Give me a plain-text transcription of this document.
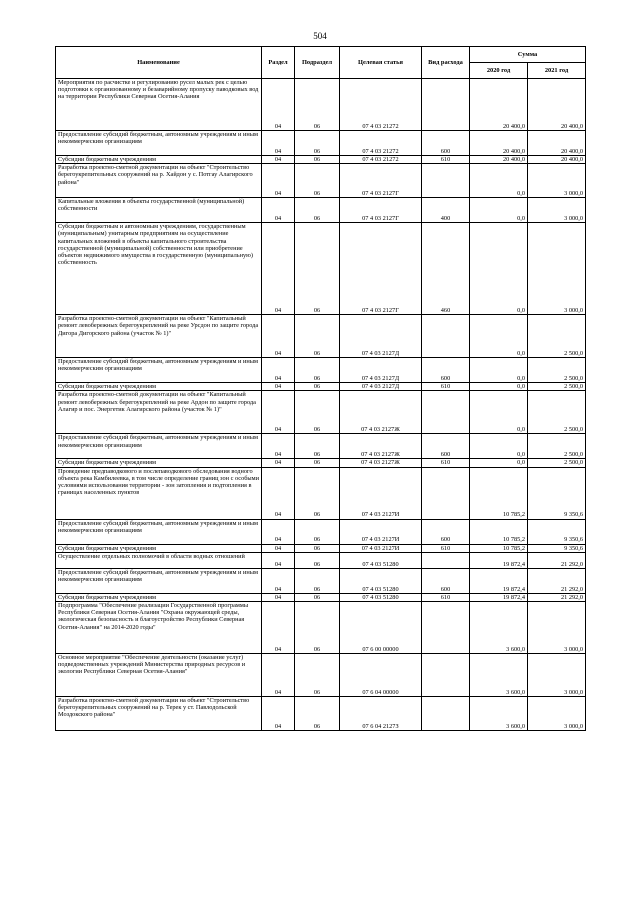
504
Наименование	Раздел	Подраздел	Целевая статья	Вид расхода	Сумма	
					2020 год	2021 год
Мероприятия по расчистке и регулированию русел малых рек с целью подготовки к организованному и безаварийному пропуску паводковых вод на территории Республики Северная Осетия-Алания	04	06	07 4 03 21272		20 400,0	20 400,0
Предоставление субсидий бюджетным, автономным учреждениям и иным некоммерческим организациям	04	06	07 4 03 21272	600	20 400,0	20 400,0
Субсидии бюджетным учреждениям	04	06	07 4 03 21272	610	20 400,0	20 400,0
Разработка проектно-сметной документации на объект "Строительство берегоукрепительных сооружений на р. Хайдон у с. Потгау Алагирского района"	04	06	07 4 03 2127Г		0,0	3 000,0
Капитальные вложения в объекты государственной (муниципальной) собственности	04	06	07 4 03 2127Г	400	0,0	3 000,0
Субсидии бюджетным и автономным учреждениям, государственным (муниципальным) унитарным предприятиям на осуществление капитальных вложений в объекты капитального строительства государственной (муниципальной) собственности или приобретение объектов недвижимого имущества в государственную (муниципальную) собственность	04	06	07 4 03 2127Г	460	0,0	3 000,0
Разработка проектно-сметной документации на объект "Капитальный ремонт левобережных берегоукреплений на реке Урсдон по защите города Дигора Дигорского района (участок № 1)"	04	06	07 4 03 2127Д		0,0	2 500,0
Предоставление субсидий бюджетным, автономным учреждениям и иным некоммерческим организациям	04	06	07 4 03 2127Д	600	0,0	2 500,0
Субсидии бюджетным учреждениям	04	06	07 4 03 2127Д	610	0,0	2 500,0
Разработка проектно-сметной документации на объект "Капитальный ремонт левобережных берегоукреплений на реке Ардон по защите города Алагир и пос. Энергетик Алагирского района (участок № 1)"	04	06	07 4 03 2127Ж		0,0	2 500,0
Предоставление субсидий бюджетным, автономным учреждениям и иным некоммерческим организациям	04	06	07 4 03 2127Ж	600	0,0	2 500,0
Субсидии бюджетным учреждениям	04	06	07 4 03 2127Ж	610	0,0	2 500,0
Проведение предпаводкового и послепаводкового обследования водного объекта река Камбилеевка, в том числе определение границ зон с особыми условиями использования территории - зон затопления и подтопления в границах населенных пунктов	04	06	07 4 03 2127И		10 785,2	9 350,6
Предоставление субсидий бюджетным, автономным учреждениям и иным некоммерческим организациям	04	06	07 4 03 2127И	600	10 785,2	9 350,6
Субсидии бюджетным учреждениям	04	06	07 4 03 2127И	610	10 785,2	9 350,6
Осуществление отдельных полномочий в области водных отношений	04	06	07 4 03 51280		19 872,4	21 292,0
Предоставление субсидий бюджетным, автономным учреждениям и иным некоммерческим организациям	04	06	07 4 03 51280	600	19 872,4	21 292,0
Субсидии бюджетным учреждениям	04	06	07 4 03 51280	610	19 872,4	21 292,0
Подпрограмма "Обеспечение реализации Государственной программы Республики Северная Осетия-Алания "Охрана окружающей среды, экологическая безопасность и благоустройство Республики Северная Осетия-Алания" на 2014-2020 годы"	04	06	07 6 00 00000		3 600,0	3 000,0
Основное мероприятие "Обеспечение деятельности (оказание услуг) подведомственных учреждений Министерства природных ресурсов и экологии Республики Северная Осетия-Алания"	04	06	07 6 04 00000		3 600,0	3 000,0
Разработка проектно-сметной документации на объект "Строительство берегоукрепительных сооружений на р. Терек у ст. Павлодольской Моздокского района"	04	06	07 6 04 2127З		3 600,0	3 000,0
